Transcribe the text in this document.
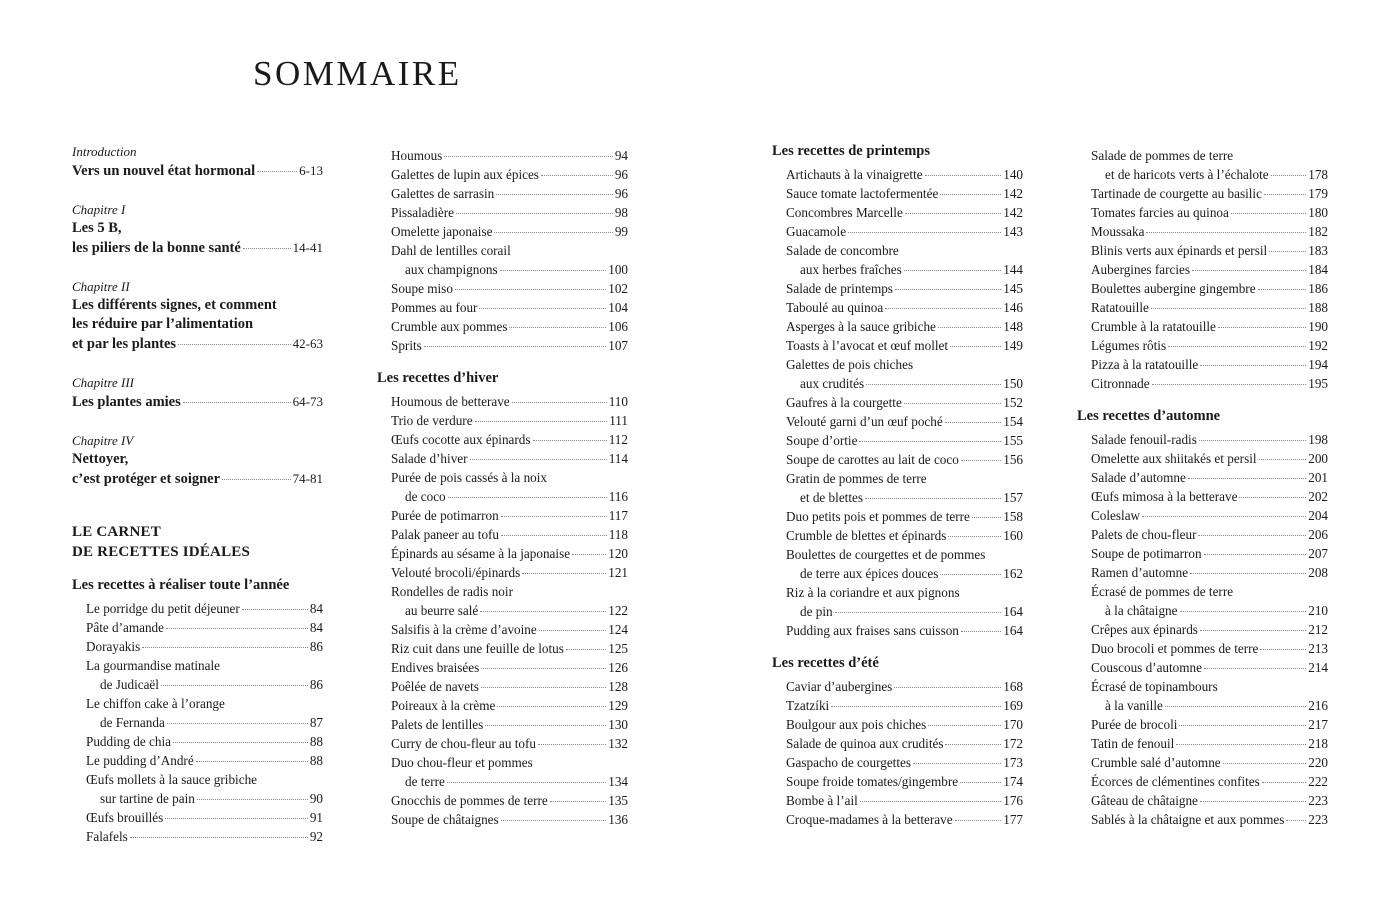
SOMMAIRE
Introduction
Vers un nouvel état hormonal	6-13
Chapitre I
Les 5 B,
les piliers de la bonne santé	14-41
Chapitre II
Les différents signes, et comment
les réduire par l’alimentation
et par les plantes	42-63
Chapitre III
Les plantes amies	64-73
Chapitre IV
Nettoyer,
c’est protéger et soigner	74-81
LE CARNET
DE RECETTES IDÉALES
Les recettes à réaliser toute l’année
Le porridge du petit déjeuner	84
Pâte d’amande	84
Dorayakis	86
La gourmandise matinale
de Judicaël	86
Le chiffon cake à l’orange
de Fernanda	87
Pudding de chia	88
Le pudding d’André	88
Œufs mollets à la sauce gribiche
sur tartine de pain	90
Œufs brouillés	91
Falafels	92
Houmous	94
Galettes de lupin aux épices	96
Galettes de sarrasin	96
Pissaladière	98
Omelette japonaise	99
Dahl de lentilles corail
aux champignons	100
Soupe miso	102
Pommes au four	104
Crumble aux pommes	106
Sprits	107
Les recettes d’hiver
Houmous de betterave	110
Trio de verdure	111
Œufs cocotte aux épinards	112
Salade d’hiver	114
Purée de pois cassés à la noix
de coco	116
Purée de potimarron	117
Palak paneer au tofu	118
Épinards au sésame à la japonaise	120
Velouté brocoli/épinards	121
Rondelles de radis noir
au beurre salé	122
Salsifis à la crème d’avoine	124
Riz cuit dans une feuille de lotus	125
Endives braisées	126
Poêlée de navets	128
Poireaux à la crème	129
Palets de lentilles	130
Curry de chou-fleur au tofu	132
Duo chou-fleur et pommes
de terre	134
Gnocchis de pommes de terre	135
Soupe de châtaignes	136
Les recettes de printemps
Artichauts à la vinaigrette	140
Sauce tomate lactofermentée	142
Concombres Marcelle	142
Guacamole	143
Salade de concombre
aux herbes fraîches	144
Salade de printemps	145
Taboulé au quinoa	146
Asperges à la sauce gribiche	148
Toasts à l’avocat et œuf mollet	149
Galettes de pois chiches
aux crudités	150
Gaufres à la courgette	152
Velouté garni d’un œuf poché	154
Soupe d’ortie	155
Soupe de carottes au lait de coco	156
Gratin de pommes de terre
et de blettes	157
Duo petits pois et pommes de terre	158
Crumble de blettes et épinards	160
Boulettes de courgettes et de pommes
de terre aux épices douces	162
Riz à la coriandre et aux pignons
de pin	164
Pudding aux fraises sans cuisson	164
Les recettes d’été
Caviar d’aubergines	168
Tzatzíki	169
Boulgour aux pois chiches	170
Salade de quinoa aux crudités	172
Gaspacho de courgettes	173
Soupe froide tomates/gingembre	174
Bombe à l’ail	176
Croque-madames à la betterave	177
Salade de pommes de terre
et de haricots verts à l’échalote	178
Tartinade de courgette au basilic	179
Tomates farcies au quinoa	180
Moussaka	182
Blinis verts aux épinards et persil	183
Aubergines farcies	184
Boulettes aubergine gingembre	186
Ratatouille	188
Crumble à la ratatouille	190
Légumes rôtis	192
Pizza à la ratatouille	194
Citronnade	195
Les recettes d’automne
Salade fenouil-radis	198
Omelette aux shiitakés et persil	200
Salade d’automne	201
Œufs mimosa à la betterave	202
Coleslaw	204
Palets de chou-fleur	206
Soupe de potimarron	207
Ramen d’automne	208
Écrasé de pommes de terre
à la châtaigne	210
Crêpes aux épinards	212
Duo brocoli et pommes de terre	213
Couscous d’automne	214
Écrasé de topinambours
à la vanille	216
Purée de brocoli	217
Tatin de fenouil	218
Crumble salé d’automne	220
Écorces de clémentines confites	222
Gâteau de châtaigne	223
Sablés à la châtaigne et aux pommes 223
